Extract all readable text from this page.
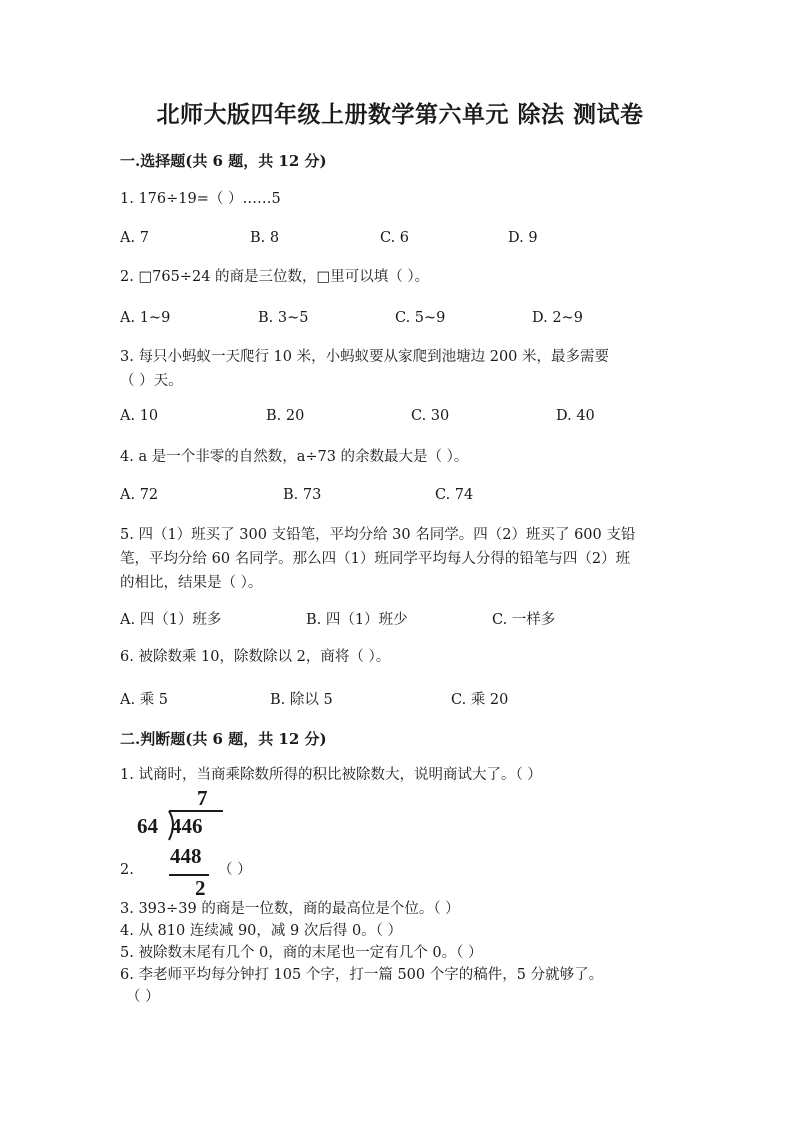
北师大版四年级上册数学第六单元 除法 测试卷
一.选择题(共 6 题，共 12 分)
1. 176÷19=（ ）……5
A. 7	B. 8	C. 6	D. 9
2. □765÷24 的商是三位数，□里可以填（ ）。
A. 1~9	B. 3~5	C. 5~9	D. 2~9
3. 每只小蚂蚁一天爬行 10 米，小蚂蚁要从家爬到池塘边 200 米，最多需要
（ ）天。
A. 10	B. 20	C. 30	D. 40
4. a 是一个非零的自然数，a÷73 的余数最大是（ ）。
A. 72	B. 73	C. 74
5. 四（1）班买了 300 支铅笔，平均分给 30 名同学。四（2）班买了 600 支铅
笔，平均分给 60 名同学。那么四（1）班同学平均每人分得的铅笔与四（2）班
的相比，结果是（ ）。
A. 四（1）班多	B. 四（1）班少	C. 一样多
6. 被除数乘 10，除数除以 2，商将（ ）。
A. 乘 5	B. 除以 5	C. 乘 20
二.判断题(共 6 题，共 12 分)
1. 试商时，当商乘除数所得的积比被除数大，说明商试大了。（ ）
7
64 446
448
2
2.	（ ）
3. 393÷39 的商是一位数，商的最高位是个位。（ ）
4. 从 810 连续减 90，减 9 次后得 0。（ ）
5. 被除数末尾有几个 0，商的末尾也一定有几个 0。（ ）
6. 李老师平均每分钟打 105 个字，打一篇 500 个字的稿件，5 分就够了。
（ ）
